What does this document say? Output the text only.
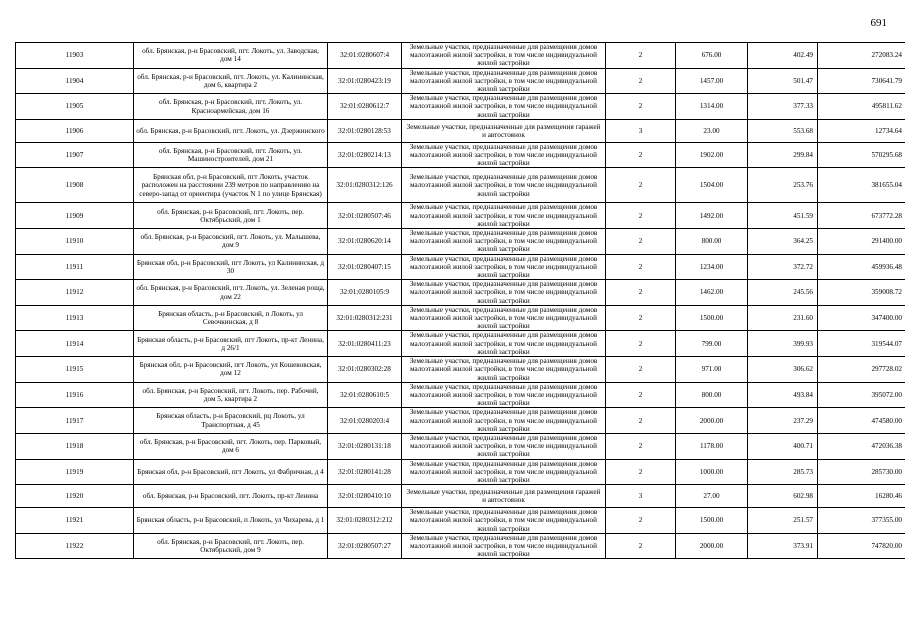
691
11903	обл. Брянская, р-н Брасовский, пгт. Локоть, ул. Заводская, дом 14	32:01:0280607:4	Земельные участки, предназначенные для размещения домов малоэтажной жилой застройки, в том числе индивидуальной жилой застройки	2	676.00	402.49	272083.24
11904	обл. Брянская, р-н Брасовский, пгт. Локоть, ул. Калининская, дом 6, квартира 2	32:01:0280423:19	Земельные участки, предназначенные для размещения домов малоэтажной жилой застройки, в том числе индивидуальной жилой застройки	2	1457.00	501.47	730641.79
11905	обл. Брянская, р-н Брасовский, пгт. Локоть, ул. Красноармейская, дом 16	32:01:0280612:7	Земельные участки, предназначенные для размещения домов малоэтажной жилой застройки, в том числе индивидуальной жилой застройки	2	1314.00	377.33	495811.62
11906	обл. Брянская, р-н Брасовский, пгт. Локоть, ул. Дзержинского	32:01:0280128:53	Земельные участки, предназначенные для размещения гаражей и автостоянок	3	23.00	553.68	12734.64
11907	обл. Брянская, р-н Брасовский, пгт. Локоть, ул. Машиностроителей, дом 21	32:01:0280214:13	Земельные участки, предназначенные для размещения домов малоэтажной жилой застройки, в том числе индивидуальной жилой застройки	2	1902.00	299.84	570295.68
11908	Брянская обл, р-н Брасовский, пгт Локоть, участок расположен на расстоянии 239 метров по направлению на северо-запад от ориентира (участок N 1 по улице Брянская)	32:01:0280312:126	Земельные участки, предназначенные для размещения домов малоэтажной жилой застройки, в том числе индивидуальной жилой застройки	2	1504.00	253.76	381655.04
11909	обл. Брянская, р-н Брасовский, пгт. Локоть, пер. Октябрьский, дом 1	32:01:0280507:46	Земельные участки, предназначенные для размещения домов малоэтажной жилой застройки, в том числе индивидуальной жилой застройки	2	1492.00	451.59	673772.28
11910	обл. Брянская, р-н Брасовский, пгт. Локоть, ул. Малышева, дом 9	32:01:0280620:14	Земельные участки, предназначенные для размещения домов малоэтажной жилой застройки, в том числе индивидуальной жилой застройки	2	800.00	364.25	291400.00
11911	Брянская обл, р-н Брасовский, пгт Локоть, ул Калининская, д 30	32:01:0280407:15	Земельные участки, предназначенные для размещения домов малоэтажной жилой застройки, в том числе индивидуальной жилой застройки	2	1234.00	372.72	459936.48
11912	обл. Брянская, р-н Брасовский, пгт. Локоть, ул. Зеленая роща, дом 22	32:01:0280105:9	Земельные участки, предназначенные для размещения домов малоэтажной жилой застройки, в том числе индивидуальной жилой застройки	2	1462.00	245.56	359008.72
11913	Брянская область, р-н Брасовский, п Локоть, ул Севочкинская, д 8	32:01:0280312:231	Земельные участки, предназначенные для размещения домов малоэтажной жилой застройки, в том числе индивидуальной жилой застройки	2	1500.00	231.60	347400.00
11914	Брянская область, р-н Брасовский, пгт Локоть, пр-кт Ленина, д 26/1	32:01:0280411:23	Земельные участки, предназначенные для размещения домов малоэтажной жилой застройки, в том числе индивидуальной жилой застройки	2	799.00	399.93	319544.07
11915	Брянская обл, р-н Брасовский, пгт Локоть, ул Кошевовская, дом 12	32:01:0280302:28	Земельные участки, предназначенные для размещения домов малоэтажной жилой застройки, в том числе индивидуальной жилой застройки	2	971.00	306.62	297728.02
11916	обл. Брянская, р-н Брасовский, пгт. Локоть, пер. Рабочий, дом 5, квартира 2	32:01:0280610:5	Земельные участки, предназначенные для размещения домов малоэтажной жилой застройки, в том числе индивидуальной жилой застройки	2	800.00	493.84	395072.00
11917	Брянская область, р-н Брасовский, рц Локоть, ул Транспортная, д 45	32:01:0280203:4	Земельные участки, предназначенные для размещения домов малоэтажной жилой застройки, в том числе индивидуальной жилой застройки	2	2000.00	237.29	474580.00
11918	обл. Брянская, р-н Брасовский, пгт. Локоть, пер. Парковый, дом 6	32:01:0280131:18	Земельные участки, предназначенные для размещения домов малоэтажной жилой застройки, в том числе индивидуальной жилой застройки	2	1178.00	400.71	472036.38
11919	Брянская обл, р-н Брасовский, пгт Локоть, ул Фабричная, д 4	32:01:0280141:28	Земельные участки, предназначенные для размещения домов малоэтажной жилой застройки, в том числе индивидуальной жилой застройки	2	1000.00	285.73	285730.00
11920	обл. Брянская, р-н Брасовский, пгт. Локоть, пр-кт Ленина	32:01:0280410:10	Земельные участки, предназначенные для размещения гаражей и автостоянок	3	27.00	602.98	16280.46
11921	Брянская область, р-н Брасовский, п Локоть, ул Чихарева, д 1	32:01:0280312:212	Земельные участки, предназначенные для размещения домов малоэтажной жилой застройки, в том числе индивидуальной жилой застройки	2	1500.00	251.57	377355.00
11922	обл. Брянская, р-н Брасовский, пгт. Локоть, пер. Октябрьский, дом 9	32:01:0280507:27	Земельные участки, предназначенные для размещения домов малоэтажной жилой застройки, в том числе индивидуальной жилой застройки	2	2000.00	373.91	747820.00
